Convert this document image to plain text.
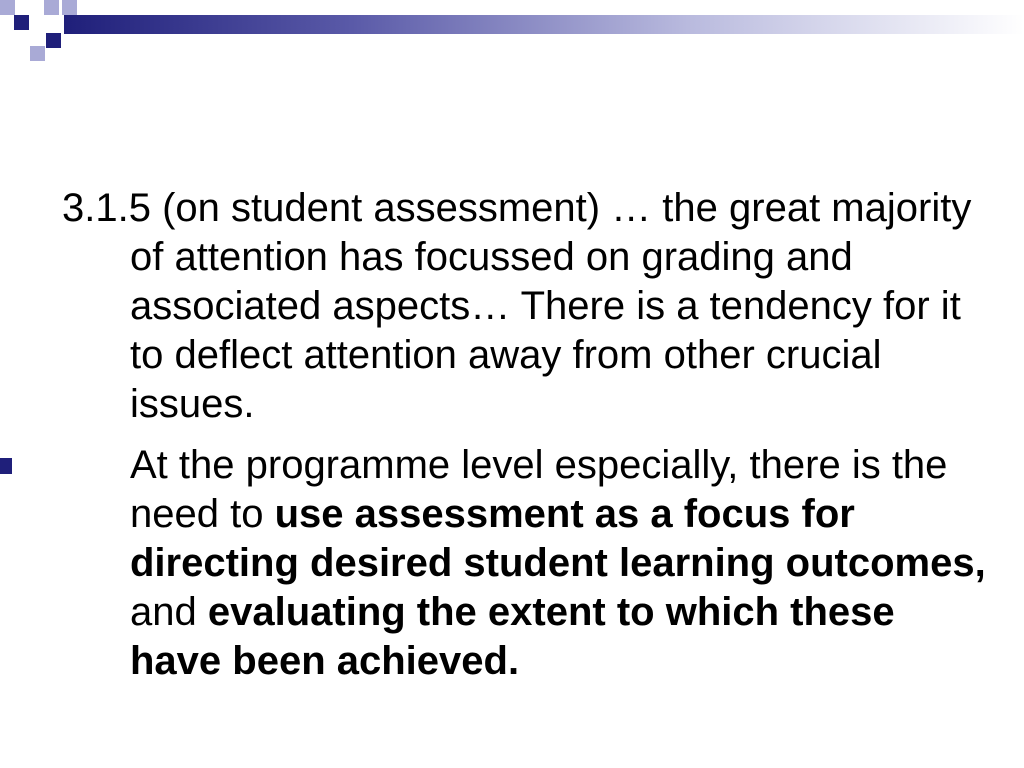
3.1.5 (on student assessment) … the great majority of attention has focussed on grading and associated aspects… There is a tendency for it to deflect attention away from other crucial issues.

At the programme level especially, there is the need to use assessment as a focus for directing desired student learning outcomes, and evaluating the extent to which these have been achieved.
